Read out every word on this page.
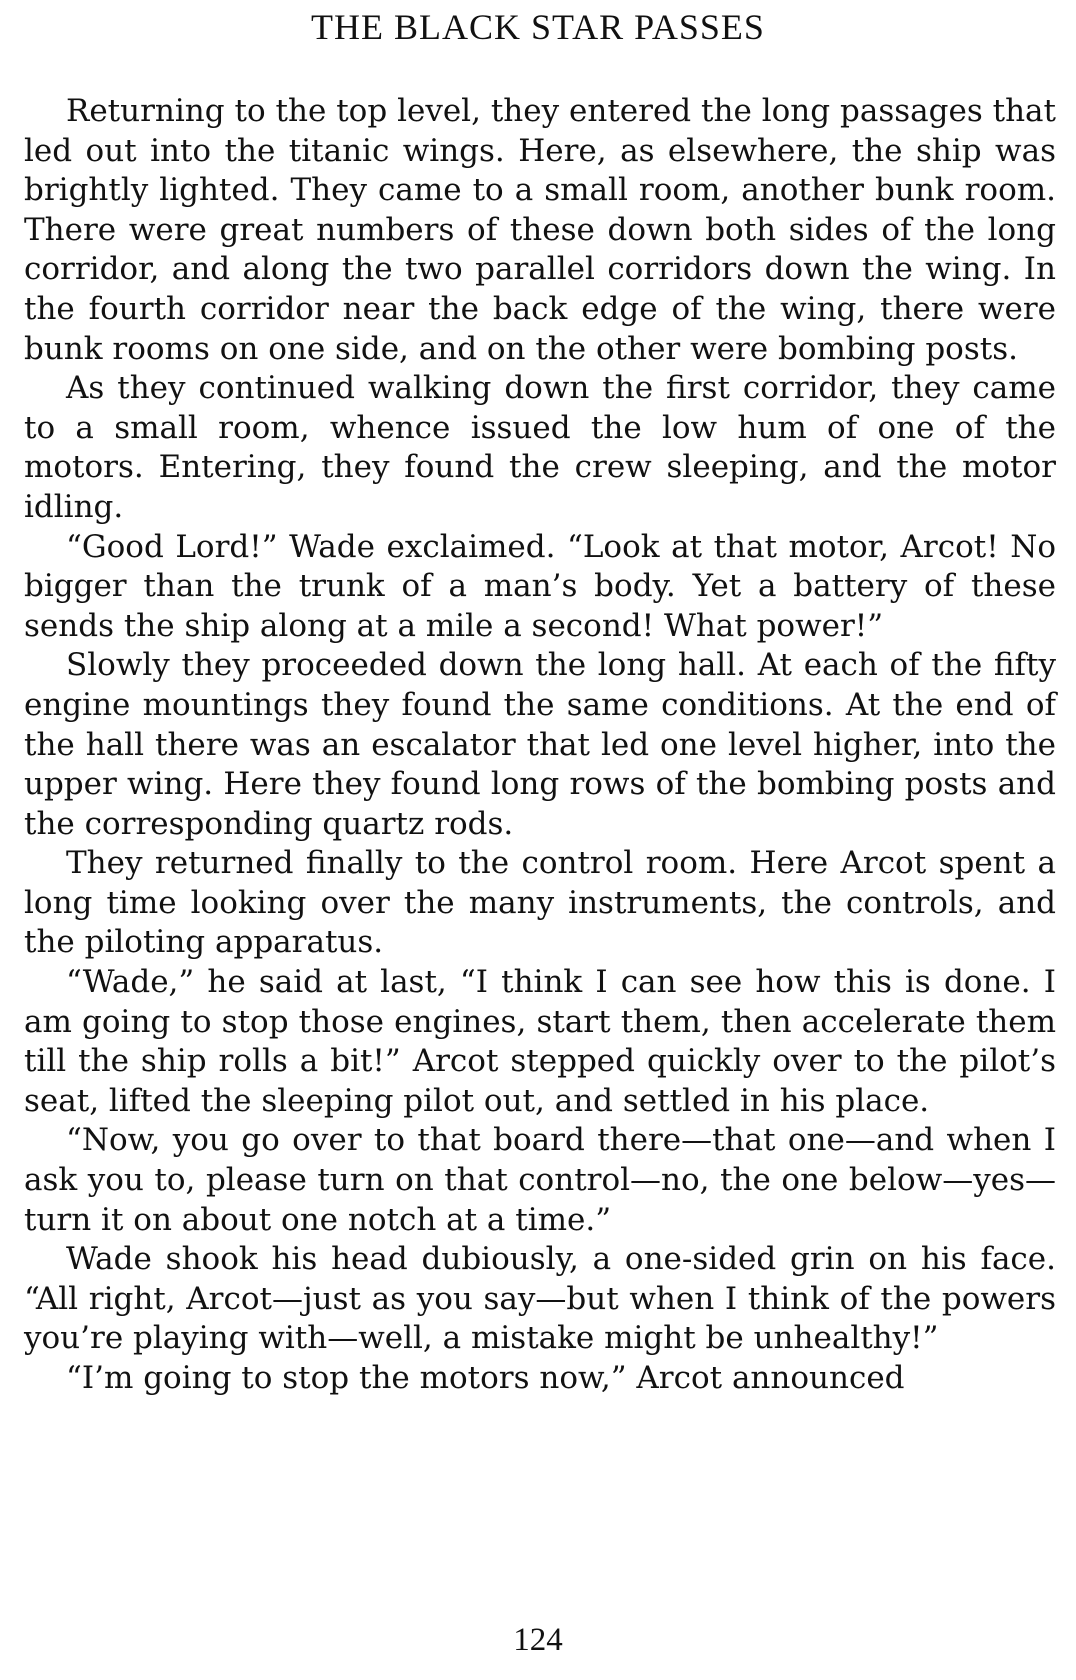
THE BLACK STAR PASSES

Returning to the top level, they entered the long passages that led out into the titanic wings. Here, as elsewhere, the ship was brightly lighted. They came to a small room, another bunk room. There were great numbers of these down both sides of the long corridor, and along the two parallel corridors down the wing. In the fourth corridor near the back edge of the wing, there were bunk rooms on one side, and on the other were bombing posts.

As they continued walking down the first corridor, they came to a small room, whence issued the low hum of one of the motors. Entering, they found the crew sleeping, and the motor idling.

“Good Lord!” Wade exclaimed. “Look at that motor, Arcot! No bigger than the trunk of a man’s body. Yet a battery of these sends the ship along at a mile a second! What power!”

Slowly they proceeded down the long hall. At each of the fifty engine mountings they found the same conditions. At the end of the hall there was an escalator that led one level higher, into the upper wing. Here they found long rows of the bombing posts and the corresponding quartz rods.

They returned finally to the control room. Here Arcot spent a long time looking over the many instruments, the controls, and the piloting apparatus.

“Wade,” he said at last, “I think I can see how this is done. I am going to stop those engines, start them, then accelerate them till the ship rolls a bit!” Arcot stepped quickly over to the pilot’s seat, lifted the sleeping pilot out, and settled in his place.

“Now, you go over to that board there—that one—and when I ask you to, please turn on that control—no, the one below—yes—turn it on about one notch at a time.”

Wade shook his head dubiously, a one-sided grin on his face. “All right, Arcot—just as you say—but when I think of the powers you’re playing with—well, a mistake might be unhealthy!”

“I’m going to stop the motors now,” Arcot announced

124
